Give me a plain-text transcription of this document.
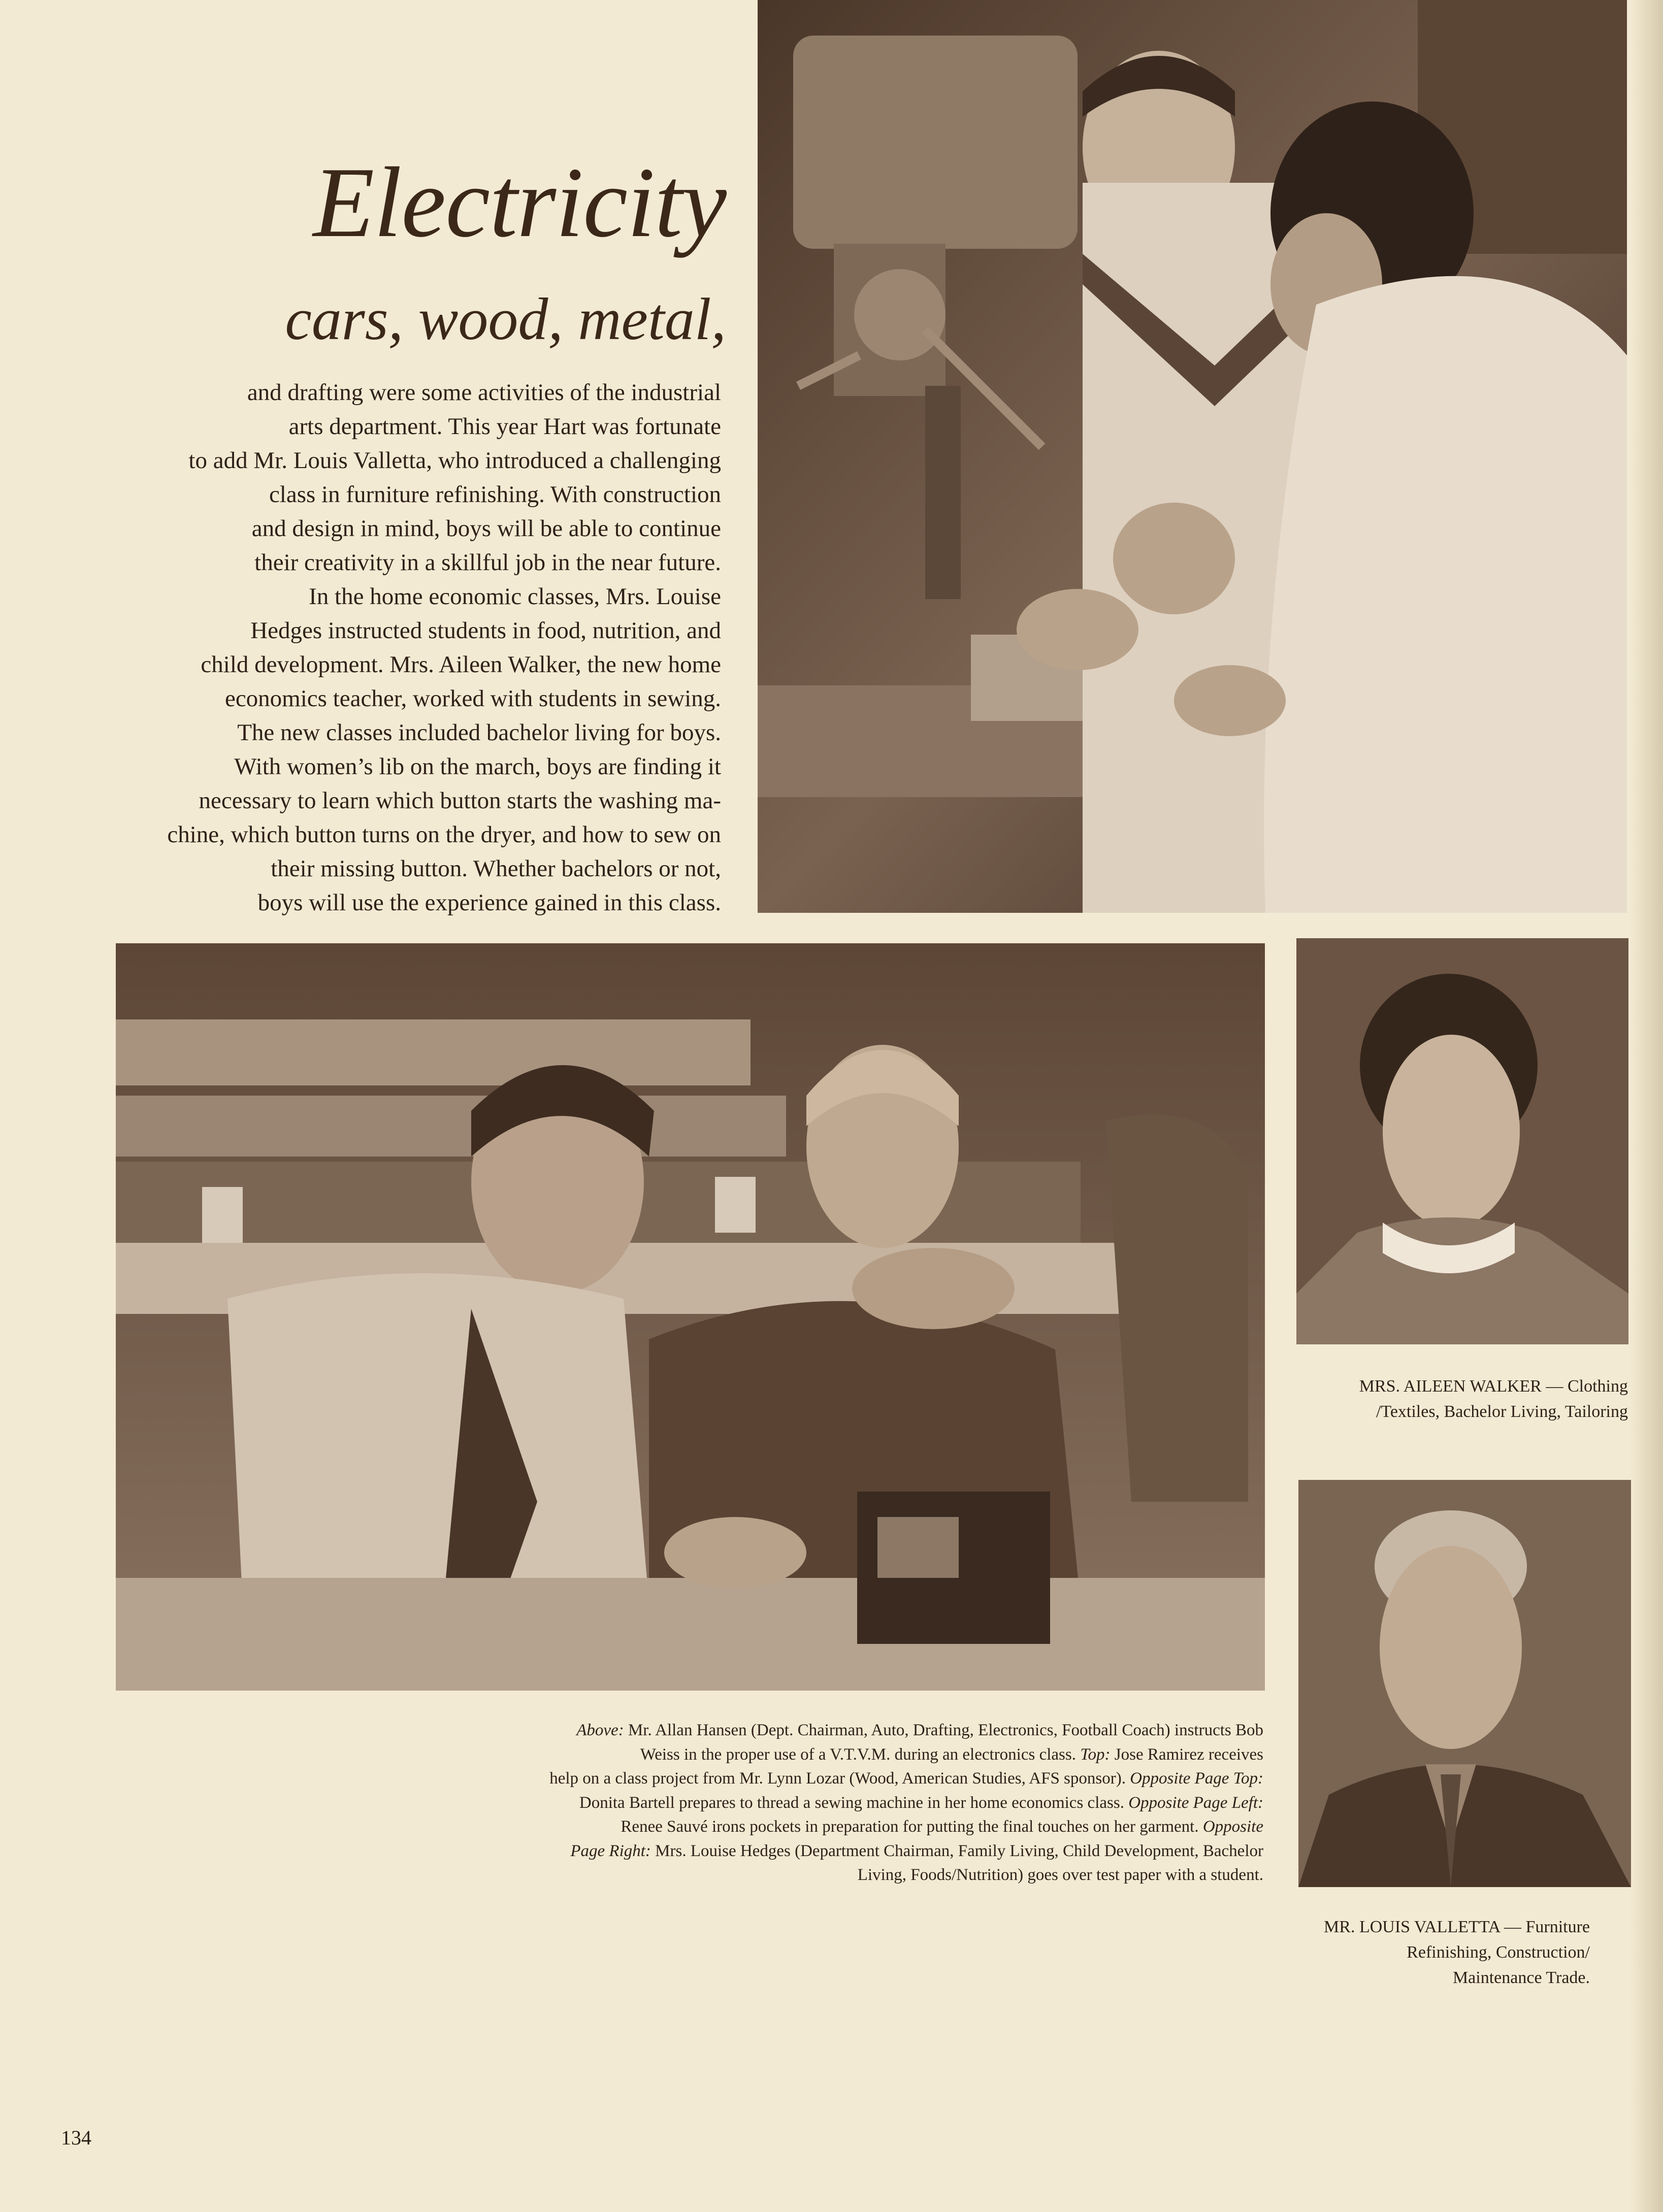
Electricity
cars, wood, metal,
and drafting were some activities of the industrial
arts department. This year Hart was fortunate
to add Mr. Louis Valletta, who introduced a challenging
class in furniture refinishing. With construction
and design in mind, boys will be able to continue
their creativity in a skillful job in the near future.
In the home economic classes, Mrs. Louise
Hedges instructed students in food, nutrition, and
child development. Mrs. Aileen Walker, the new home
economics teacher, worked with students in sewing.
The new classes included bachelor living for boys.
With women’s lib on the march, boys are finding it
necessary to learn which button starts the washing ma-
chine, which button turns on the dryer, and how to sew on
their missing button. Whether bachelors or not,
boys will use the experience gained in this class.
Above: Mr. Allan Hansen (Dept. Chairman, Auto, Drafting, Electronics, Football Coach) instructs Bob
Weiss in the proper use of a V.T.V.M. during an electronics class. Top: Jose Ramirez receives
help on a class project from Mr. Lynn Lozar (Wood, American Studies, AFS sponsor). Opposite Page Top:
Donita Bartell prepares to thread a sewing machine in her home economics class. Opposite Page Left:
Renee Sauvé irons pockets in preparation for putting the final touches on her garment. Opposite
Page Right: Mrs. Louise Hedges (Department Chairman, Family Living, Child Development, Bachelor
Living, Foods/Nutrition) goes over test paper with a student.
MRS. AILEEN WALKER — Clothing
/Textiles, Bachelor Living, Tailoring
MR. LOUIS VALLETTA — Furniture
Refinishing, Construction/
Maintenance Trade.
134
